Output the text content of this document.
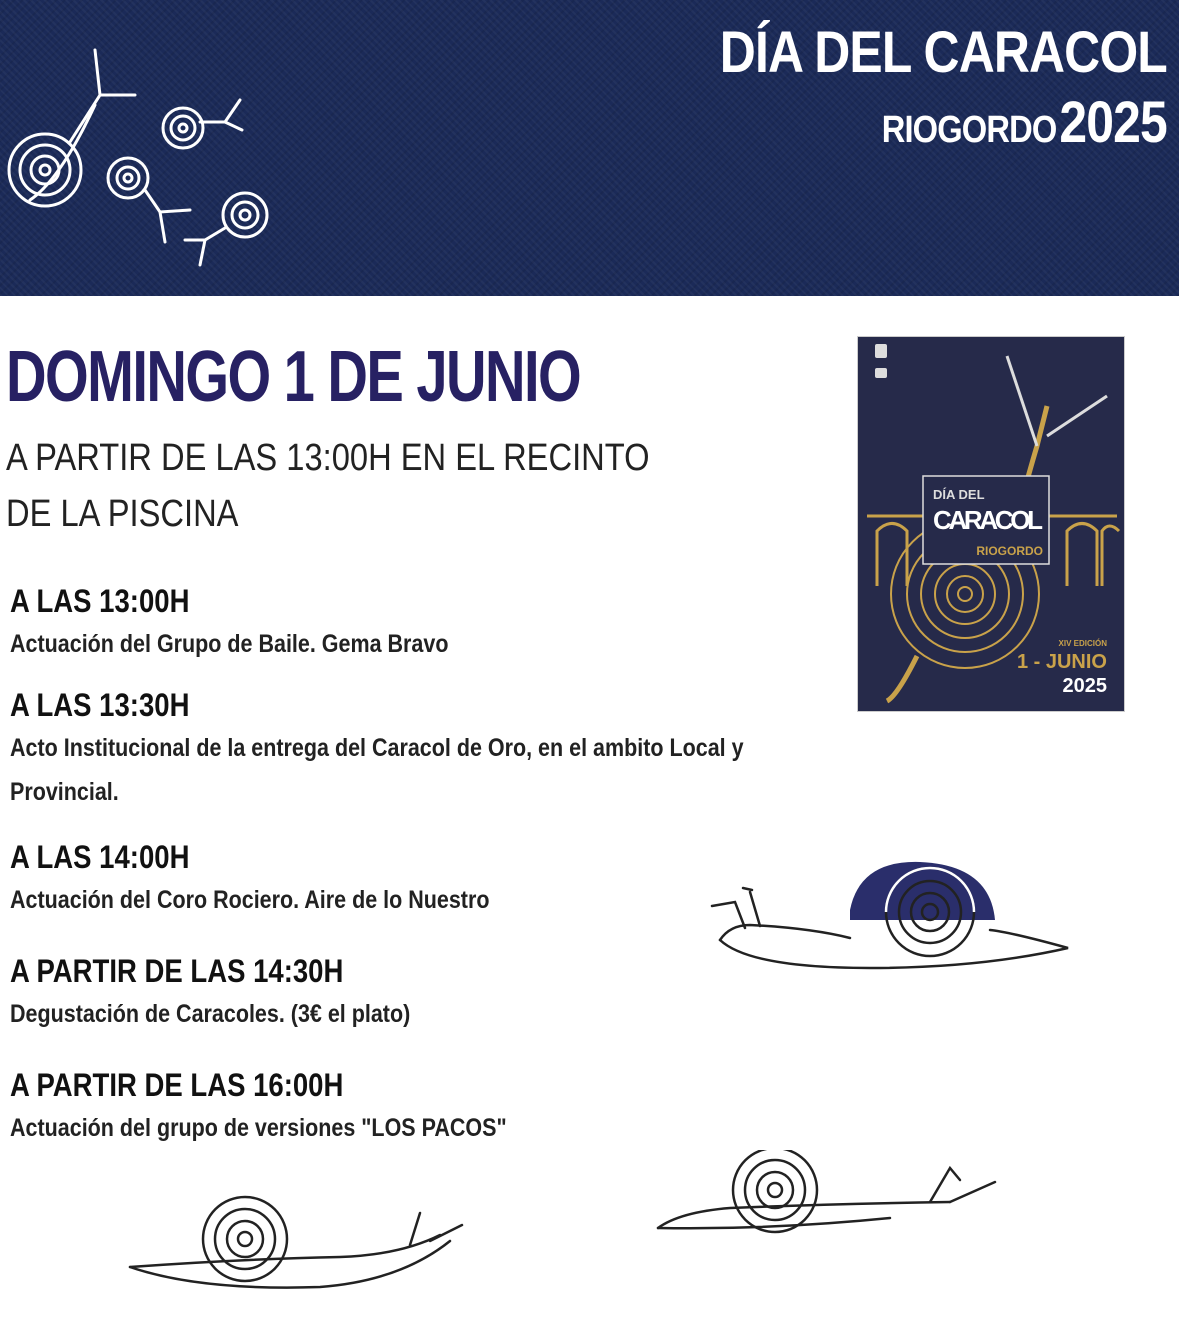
DÍA DEL CARACOL
RIOGORDO 2025
DOMINGO 1 DE JUNIO

A PARTIR DE LAS 13:00H EN EL RECINTO
DE LA PISCINA

A LAS 13:00H
Actuación del Grupo de Baile. Gema Bravo
A LAS 13:30H
Acto Institucional de la entrega del Caracol de Oro, en el ambito Local y Provincial.
A LAS 14:00H
Actuación del Coro Rociero. Aire de lo Nuestro
A PARTIR DE LAS 14:30H
Degustación de Caracoles. (3€ el plato)
A PARTIR DE LAS 16:00H
Actuación del grupo de versiones "LOS PACOS"
DÍA DEL
CARACOL
RIOGORDO
XIV EDICIÓN
1 - JUNIO
2025
